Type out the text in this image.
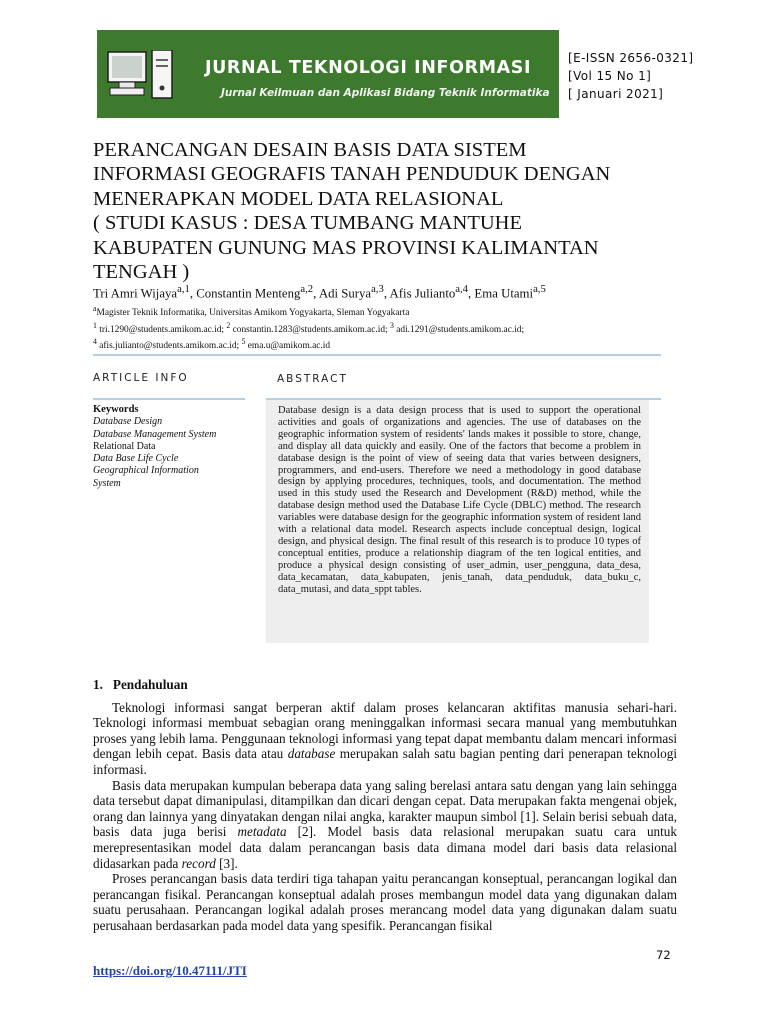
JURNAL TEKNOLOGI INFORMASI
Jurnal Keilmuan dan Aplikasi Bidang Teknik Informatika
[E-ISSN 2656-0321]
[Vol 15 No 1]
[ Januari 2021]
PERANCANGAN DESAIN BASIS DATA SISTEM
INFORMASI GEOGRAFIS TANAH PENDUDUK DENGAN
MENERAPKAN MODEL DATA RELASIONAL
( STUDI KASUS : DESA TUMBANG MANTUHE
KABUPATEN GUNUNG MAS PROVINSI KALIMANTAN
TENGAH )
Tri Amri Wijaya$^{a,1}$, Constantin Menteng$^{a,2}$, Adi Surya$^{a,3}$, Afis Julianto$^{a,4}$, Ema Utami$^{a,5}$
$^a$Magister Teknik Informatika, Universitas Amikom Yogyakarta, Sleman Yogyakarta
$^1$ tri.1290@students.amikom.ac.id; $^2$ constantin.1283@students.amikom.ac.id; $^3$ adi.1291@students.amikom.ac.id;
$^4$ afis.julianto@students.amikom.ac.id; $^5$ ema.u@amikom.ac.id
ARTICLE INFO	ABSTRACT
Keywords
Database Design
Database Management System
Relational Data
Data Base Life Cycle
Geographical Information
System
Database design is a data design process that is used to support the operational activities and goals of organizations and agencies. The use of databases on the geographic information system of residents' lands makes it possible to store, change, and display all data quickly and easily. One of the factors that become a problem in database design is the point of view of seeing data that varies between designers, programmers, and end-users. Therefore we need a methodology in good database design by applying procedures, techniques, tools, and documentation. The method used in this study used the Research and Development (R&D) method, while the database design method used the Database Life Cycle (DBLC) method. The research variables were database design for the geographic information system of resident land with a relational data model. Research aspects include conceptual design, logical design, and physical design. The final result of this research is to produce 10 types of conceptual entities, produce a relationship diagram of the ten logical entities, and produce a physical design consisting of user_admin, user_pengguna, data_desa, data_kecamatan, data_kabupaten, jenis_tanah, data_penduduk, data_buku_c, data_mutasi, and data_sppt tables.
1. Pendahuluan

Teknologi informasi sangat berperan aktif dalam proses kelancaran aktifitas manusia sehari-hari. Teknologi informasi membuat sebagian orang meninggalkan informasi secara manual yang membutuhkan proses yang lebih lama. Penggunaan teknologi informasi yang tepat dapat membantu dalam mencari informasi dengan lebih cepat. Basis data atau database merupakan salah satu bagian penting dari penerapan teknologi informasi.

Basis data merupakan kumpulan beberapa data yang saling berelasi antara satu dengan yang lain sehingga data tersebut dapat dimanipulasi, ditampilkan dan dicari dengan cepat. Data merupakan fakta mengenai objek, orang dan lainnya yang dinyatakan dengan nilai angka, karakter maupun simbol [1]. Selain berisi sebuah data, basis data juga berisi metadata [2]. Model basis data relasional merupakan suatu cara untuk merepresentasikan model data dalam perancangan basis data dimana model dari basis data relasional didasarkan pada record [3].

Proses perancangan basis data terdiri tiga tahapan yaitu perancangan konseptual, perancangan logikal dan perancangan fisikal. Perancangan konseptual adalah proses membangun model data yang digunakan dalam suatu perusahaan. Perancangan logikal adalah proses merancang model data yang digunakan dalam suatu perusahaan berdasarkan pada model data yang spesifik. Perancangan fisikal

72
https://doi.org/10.47111/JTI
